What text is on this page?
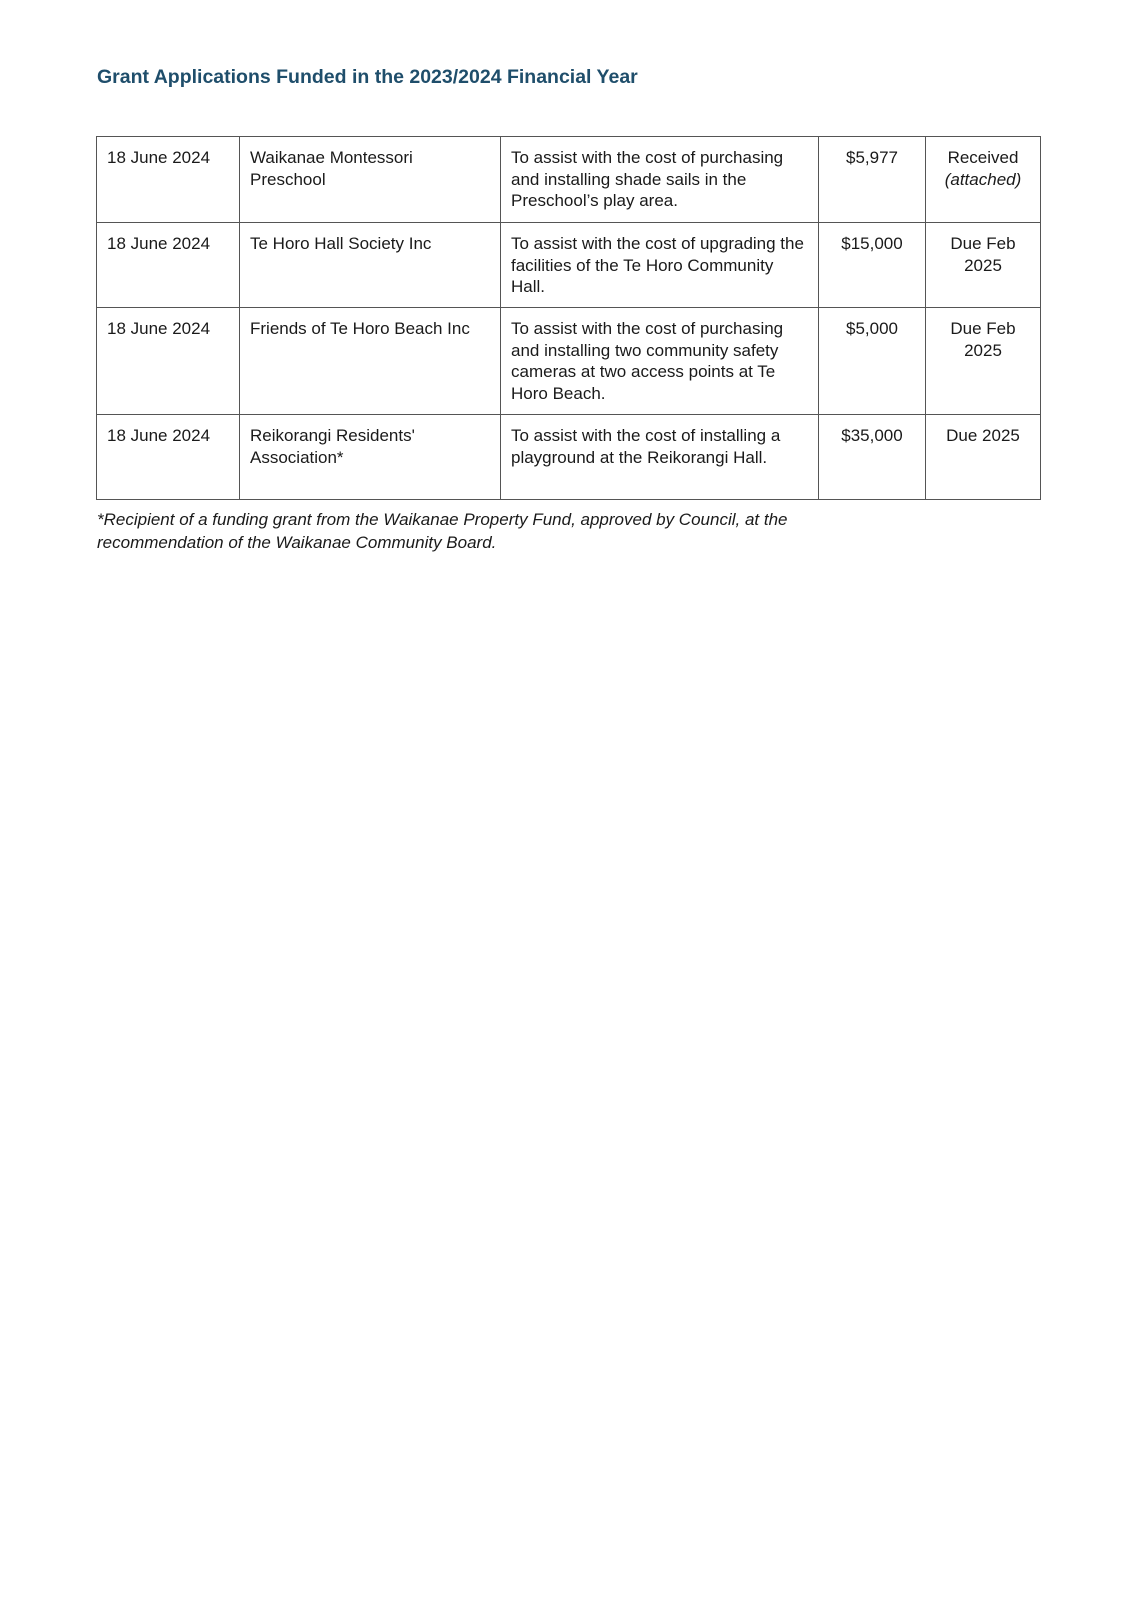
Grant Applications Funded in the 2023/2024 Financial Year
18 June 2024	Waikanae Montessori Preschool	To assist with the cost of purchasing and installing shade sails in the Preschool’s play area.	$5,977	Received
(attached)
18 June 2024	Te Horo Hall Society Inc	To assist with the cost of upgrading the facilities of the Te Horo Community Hall.	$15,000	Due Feb 2025
18 June 2024	Friends of Te Horo Beach Inc	To assist with the cost of purchasing and installing two community safety cameras at two access points at Te Horo Beach.	$5,000	Due Feb 2025
18 June 2024	Reikorangi Residents' Association*	To assist with the cost of installing a playground at the Reikorangi Hall.	$35,000	Due 2025

*Recipient of a funding grant from the Waikanae Property Fund, approved by Council, at the recommendation of the Waikanae Community Board.
